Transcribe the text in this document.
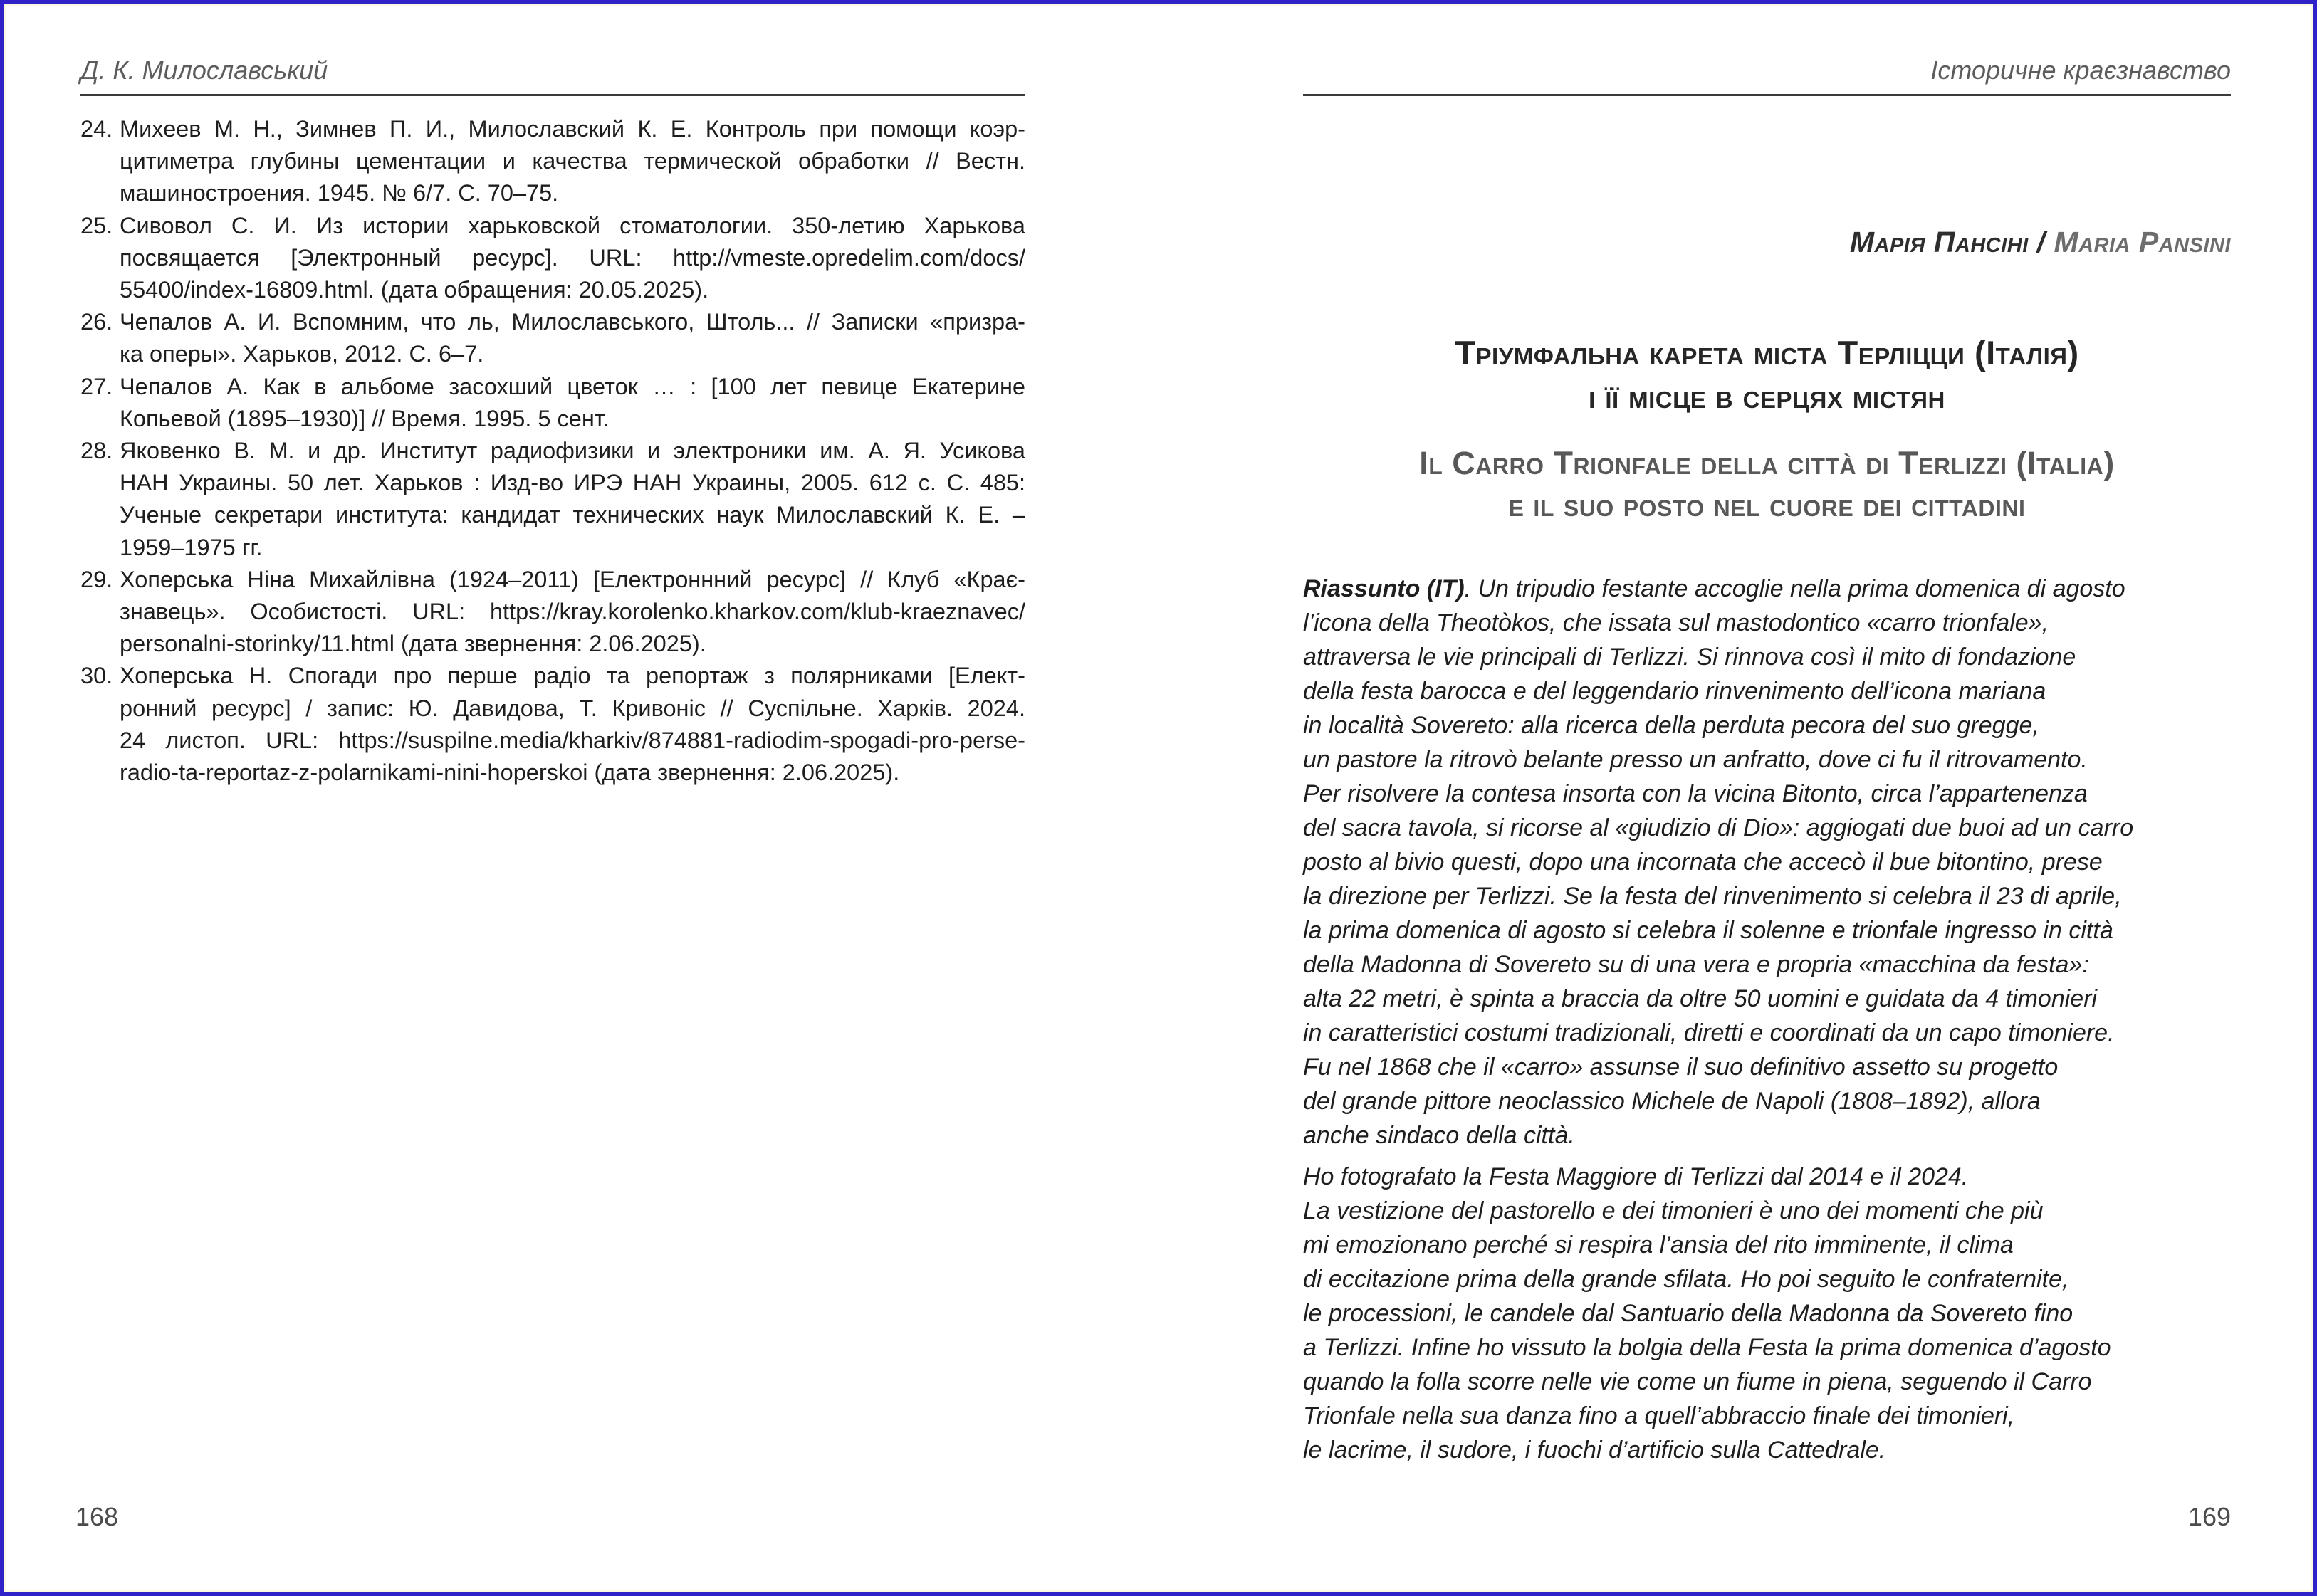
Д. К. Милославський
24. Михеев М. Н., Зимнев П. И., Милославский К. Е. Контроль при помощи коэр-
цитиметра глубины цементации и качества термической обработки // Вестн.
машиностроения. 1945. № 6/7. С. 70–75.
25. Сивовол С. И. Из истории харьковской стоматологии. 350-летию Харькова
посвящается [Электронный ресурс]. URL: http://vmeste.opredelim.com/docs/
55400/index-16809.html. (дата обращения: 20.05.2025).
26. Чепалов А. И. Вспомним, что ль, Милославського, Штоль... // Записки «призра-
ка оперы». Харьков, 2012. С. 6–7.
27. Чепалов А. Как в альбоме засохший цветок … : [100 лет певице Екатерине
Копьевой (1895–1930)] // Время. 1995. 5 сент.
28. Яковенко В. М. и др. Институт радиофизики и электроники им. А. Я. Усикова
НАН Украины. 50 лет. Харьков : Изд-во ИРЭ НАН Украины, 2005. 612 с. С. 485:
Ученые секретари института: кандидат технических наук Милославский К. Е. –
1959–1975 гг.
29. Хоперська Ніна Михайлівна (1924–2011) [Електроннний ресурс] // Клуб «Крає-
знавець». Особистості. URL: https://kray.korolenko.kharkov.com/klub-kraeznavec/
personalni-storinky/11.html (дата звернення: 2.06.2025).
30. Хоперська Н. Спогади про перше радіо та репортаж з полярниками [Елект-
ронний ресурс] / запис: Ю. Давидова, Т. Кривоніс // Суспільне. Харків. 2024.
24 листоп. URL: https://suspilne.media/kharkiv/874881-radiodim-spogadi-pro-perse-
radio-ta-reportaz-z-polarnikami-nini-hoperskoi (дата звернення: 2.06.2025).
Історичне краєзнавство
Марія Пансіні / Maria Pansini
Тріумфальна карета міста Терліцци (Італія)
і її місце в серцях містян
Il Carro Trionfale della città di Terlizzi (Italia)
e il suo posto nel cuore dei cittadini
Riassunto (IT). Un tripudio festante accoglie nella prima domenica di agosto
l’icona della Theotòkos, che issata sul mastodontico «carro trionfale»,
attraversa le vie principali di Terlizzi. Si rinnova così il mito di fondazione
della festa barocca e del leggendario rinvenimento dell’icona mariana
in località Sovereto: alla ricerca della perduta pecora del suo gregge,
un pastore la ritrovò belante presso un anfratto, dove ci fu il ritrovamento.
Per risolvere la contesa insorta con la vicina Bitonto, circa l’appartenenza
del sacra tavola, si ricorse al «giudizio di Dio»: aggiogati due buoi ad un carro
posto al bivio questi, dopo una incornata che accecò il bue bitontino, prese
la direzione per Terlizzi. Se la festa del rinvenimento si celebra il 23 di aprile,
la prima domenica di agosto si celebra il solenne e trionfale ingresso in città
della Madonna di Sovereto su di una vera e propria «macchina da festa»:
alta 22 metri, è spinta a braccia da oltre 50 uomini e guidata da 4 timonieri
in caratteristici costumi tradizionali, diretti e coordinati da un capo timoniere.
Fu nel 1868 che il «carro» assunse il suo definitivo assetto su progetto
del grande pittore neoclassico Michele de Napoli (1808–1892), allora
anche sindaco della città.
Ho fotografato la Festa Maggiore di Terlizzi dal 2014 e il 2024.
La vestizione del pastorello e dei timonieri è uno dei momenti che più
mi emozionano perché si respira l’ansia del rito imminente, il clima
di eccitazione prima della grande sfilata. Ho poi seguito le confraternite,
le processioni, le candele dal Santuario della Madonna da Sovereto fino
a Terlizzi. Infine ho vissuto la bolgia della Festa la prima domenica d’agosto
quando la folla scorre nelle vie come un fiume in piena, seguendo il Carro
Trionfale nella sua danza fino a quell’abbraccio finale dei timonieri,
le lacrime, il sudore, i fuochi d’artificio sulla Cattedrale.
168	169
